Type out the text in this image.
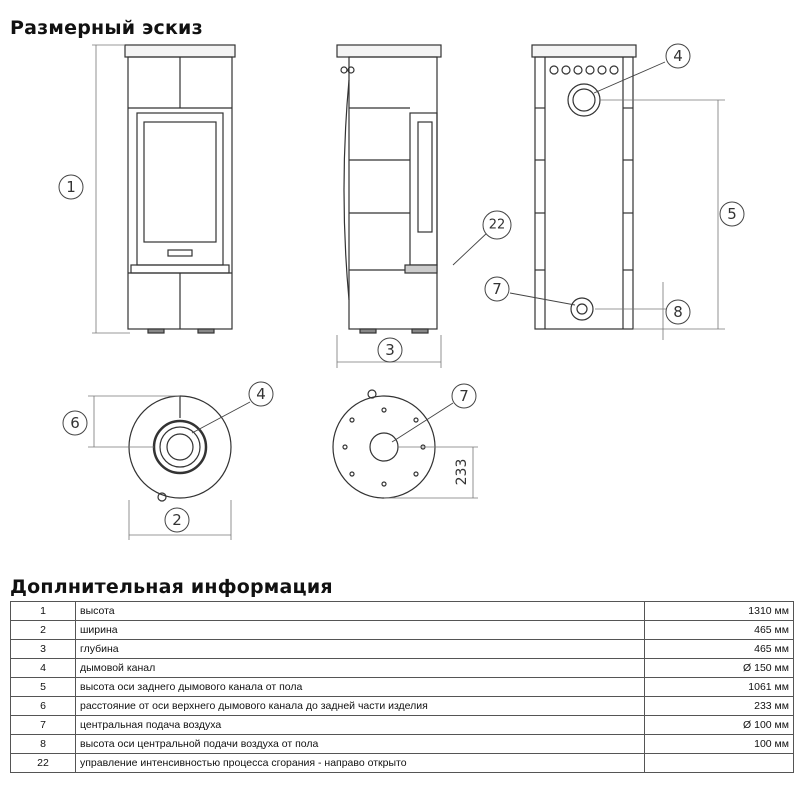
Размерный эскиз
1
3
4
5
7
8
22
4
6
2
7
233
Доплнительная информация
1	высота	1310 мм
2	ширина	465 мм
3	глубина	465 мм
4	дымовой канал	Ø 150 мм
5	высота оси заднего дымового канала от пола	1061 мм
6	расстояние от оси верхнего дымового канала до задней части изделия	233 мм
7	центральная подача воздуха	Ø 100 мм
8	высота оси центральной подачи воздуха от пола	100 мм
22	управление интенсивностью процесса сгорания - направо открыто	
